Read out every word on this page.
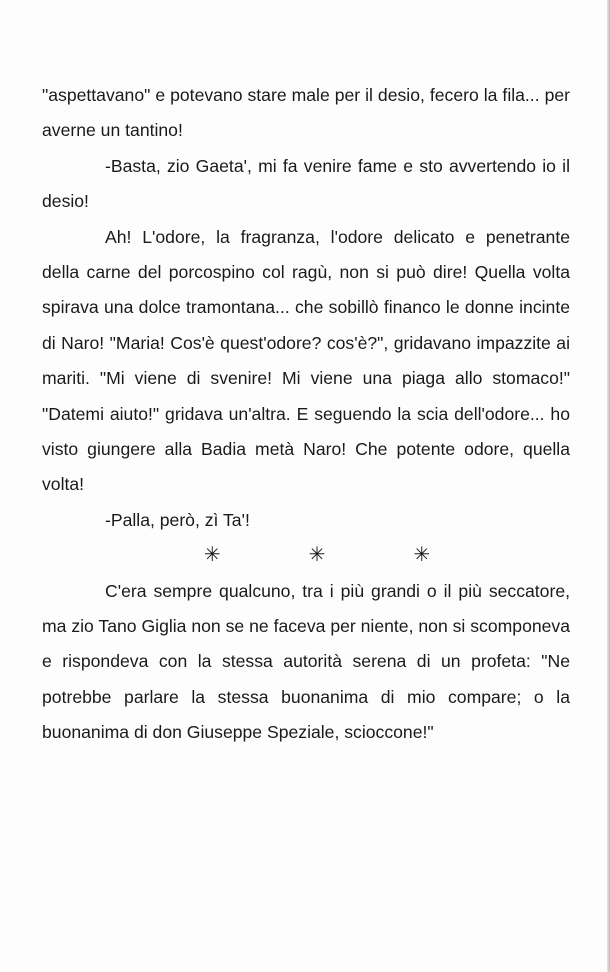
"aspettavano" e potevano stare male per il desio, fecero la fila... per averne un tantino!

-Basta, zio Gaeta', mi fa venire fame e sto avvertendo io il desio!

Ah! L'odore, la fragranza, l'odore delicato e penetrante della carne del porcospino col ragù, non si può dire! Quella volta spirava una dolce tramontana... che sobillò financo le donne incinte di Naro! "Maria! Cos'è quest'odore? cos'è?", gridavano impazzite ai mariti. "Mi viene di svenire! Mi viene una piaga allo stomaco!" "Datemi aiuto!" gridava un'altra. E seguendo la scia dell'odore... ho visto giungere alla Badia metà Naro! Che potente odore, quella volta!

-Palla, però, zì Ta'!

✳	✳	✳

C'era sempre qualcuno, tra i più grandi o il più seccatore, ma zio Tano Giglia non se ne faceva per niente, non si scomponeva e rispondeva con la stessa autorità serena di un profeta: "Ne potrebbe parlare la stessa buonanima di mio compare; o la buonanima di don Giuseppe Speziale, scioccone!"
